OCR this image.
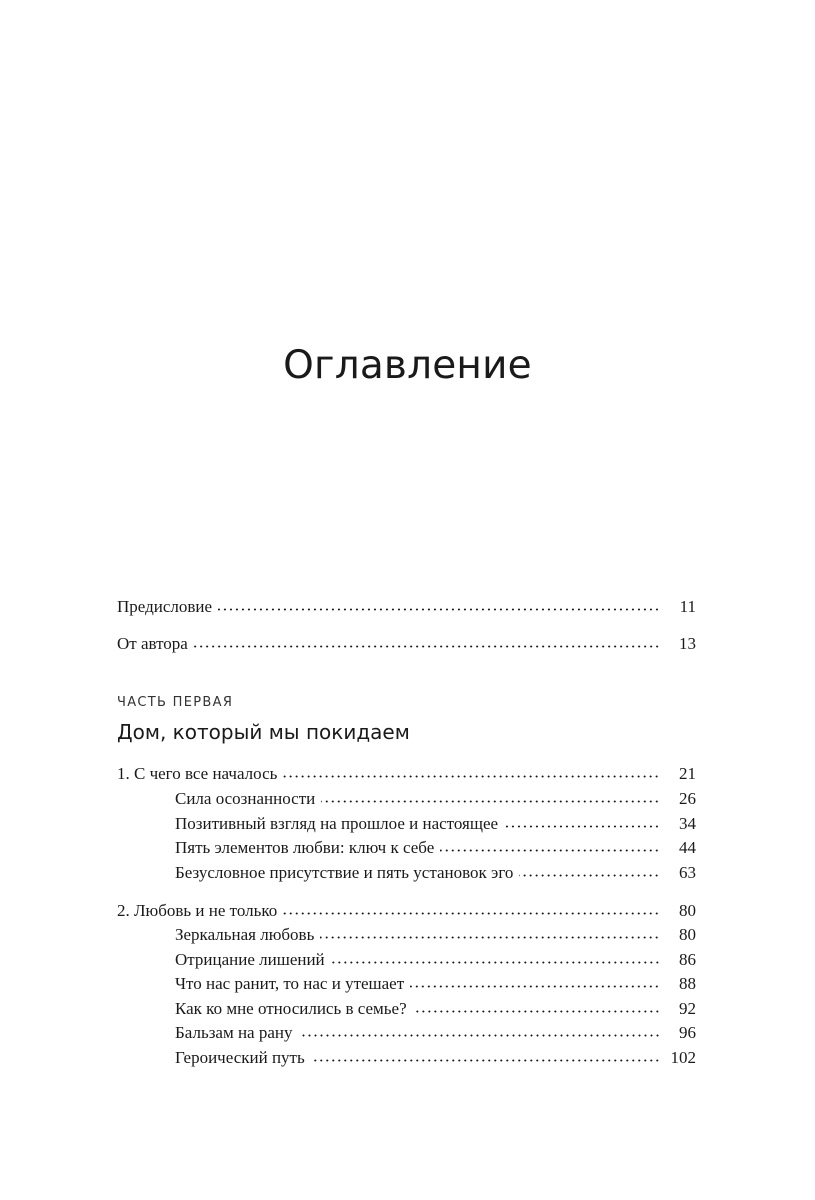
Оглавление
Предисловие	11
От автора	13
ЧАСТЬ ПЕРВАЯ
Дом, который мы покидаем
1. С чего все началось	21
Сила осознанности	26
Позитивный взгляд на прошлое и настоящее	34
Пять элементов любви: ключ к себе	44
Безусловное присутствие и пять установок эго	63
2. Любовь и не только	80
Зеркальная любовь	80
Отрицание лишений	86
Что нас ранит, то нас и утешает	88
Как ко мне относились в семье?	92
Бальзам на рану	96
Героический путь	102
